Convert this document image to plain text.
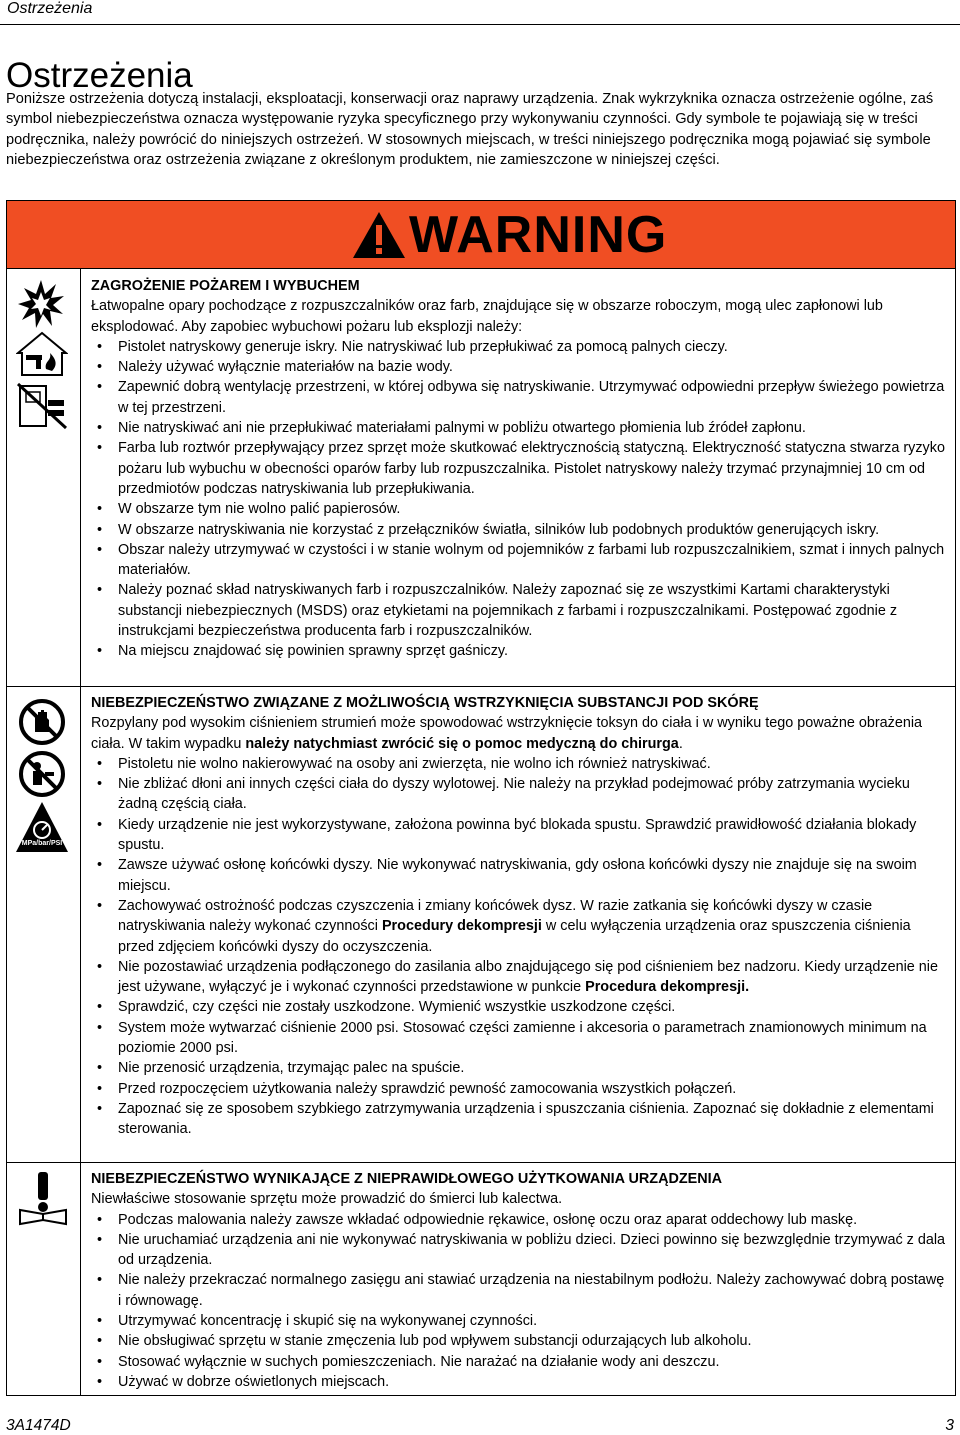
Ostrzeżenia
Ostrzeżenia
Poniższe ostrzeżenia dotyczą instalacji, eksploatacji, konserwacji oraz naprawy urządzenia. Znak wykrzyknika oznacza ostrzeżenie ogólne, zaś symbol niebezpieczeństwa oznacza występowanie ryzyka specyficznego przy wykonywaniu czynności. Gdy symbole te pojawiają się w treści podręcznika, należy powrócić do niniejszych ostrzeżeń. W stosownych miejscach, w treści niniejszego podręcznika mogą pojawiać się symbole niebezpieczeństwa oraz ostrzeżenia związane z określonym produktem, nie zamieszczone w niniejszej części.
WARNING
ZAGROŻENIE POŻAREM I WYBUCHEM
Łatwopalne opary pochodzące z rozpuszczalników oraz farb, znajdujące się w obszarze roboczym, mogą ulec zapłonowi lub eksplodować. Aby zapobiec wybuchowi pożaru lub eksplozji należy:
• Pistolet natryskowy generuje iskry. Nie natryskiwać lub przepłukiwać za pomocą palnych cieczy.
• Należy używać wyłącznie materiałów na bazie wody.
• Zapewnić dobrą wentylację przestrzeni, w której odbywa się natryskiwanie. Utrzymywać odpowiedni przepływ świeżego powietrza w tej przestrzeni.
• Nie natryskiwać ani nie przepłukiwać materiałami palnymi w pobliżu otwartego płomienia lub źródeł zapłonu.
• Farba lub roztwór przepływający przez sprzęt może skutkować elektrycznością statyczną. Elektryczność statyczna stwarza ryzyko pożaru lub wybuchu w obecności oparów farby lub rozpuszczalnika. Pistolet natryskowy należy trzymać przynajmniej 10 cm od przedmiotów podczas natryskiwania lub przepłukiwania.
• W obszarze tym nie wolno palić papierosów.
• W obszarze natryskiwania nie korzystać z przełączników światła, silników lub podobnych produktów generujących iskry.
• Obszar należy utrzymywać w czystości i w stanie wolnym od pojemników z farbami lub rozpuszczalnikiem, szmat i innych palnych materiałów.
• Należy poznać skład natryskiwanych farb i rozpuszczalników. Należy zapoznać się ze wszystkimi Kartami charakterystyki substancji niebezpiecznych (MSDS) oraz etykietami na pojemnikach z farbami i rozpuszczalnikami. Postępować zgodnie z instrukcjami bezpieczeństwa producenta farb i rozpuszczalników.
• Na miejscu znajdować się powinien sprawny sprzęt gaśniczy.
MPa/bar/PSI
NIEBEZPIECZEŃSTWO ZWIĄZANE Z MOŻLIWOŚCIĄ WSTRZYKNIĘCIA SUBSTANCJI POD SKÓRĘ
Rozpylany pod wysokim ciśnieniem strumień może spowodować wstrzyknięcie toksyn do ciała i w wyniku tego poważne obrażenia ciała. W takim wypadku należy natychmiast zwrócić się o pomoc medyczną do chirurga.
• Pistoletu nie wolno nakierowywać na osoby ani zwierzęta, nie wolno ich również natryskiwać.
• Nie zbliżać dłoni ani innych części ciała do dyszy wylotowej. Nie należy na przykład podejmować próby zatrzymania wycieku żadną częścią ciała.
• Kiedy urządzenie nie jest wykorzystywane, założona powinna być blokada spustu. Sprawdzić prawidłowość działania blokady spustu.
• Zawsze używać osłonę końcówki dyszy. Nie wykonywać natryskiwania, gdy osłona końcówki dyszy nie znajduje się na swoim miejscu.
• Zachowywać ostrożność podczas czyszczenia i zmiany końcówek dysz. W razie zatkania się końcówki dyszy w czasie natryskiwania należy wykonać czynności Procedury dekompresji w celu wyłączenia urządzenia oraz spuszczenia ciśnienia przed zdjęciem końcówki dyszy do oczyszczenia.
• Nie pozostawiać urządzenia podłączonego do zasilania albo znajdującego się pod ciśnieniem bez nadzoru. Kiedy urządzenie nie jest używane, wyłączyć je i wykonać czynności przedstawione w punkcie Procedura dekompresji.
• Sprawdzić, czy części nie zostały uszkodzone. Wymienić wszystkie uszkodzone części.
• System może wytwarzać ciśnienie 2000 psi. Stosować części zamienne i akcesoria o parametrach znamionowych minimum na poziomie 2000 psi.
• Nie przenosić urządzenia, trzymając palec na spuście.
• Przed rozpoczęciem użytkowania należy sprawdzić pewność zamocowania wszystkich połączeń.
• Zapoznać się ze sposobem szybkiego zatrzymywania urządzenia i spuszczania ciśnienia. Zapoznać się dokładnie z elementami sterowania.
NIEBEZPIECZEŃSTWO WYNIKAJĄCE Z NIEPRAWIDŁOWEGO UŻYTKOWANIA URZĄDZENIA
Niewłaściwe stosowanie sprzętu może prowadzić do śmierci lub kalectwa.
• Podczas malowania należy zawsze wkładać odpowiednie rękawice, osłonę oczu oraz aparat oddechowy lub maskę.
• Nie uruchamiać urządzenia ani nie wykonywać natryskiwania w pobliżu dzieci. Dzieci powinno się bezwzględnie trzymywać z dala od urządzenia.
• Nie należy przekraczać normalnego zasięgu ani stawiać urządzenia na niestabilnym podłożu. Należy zachowywać dobrą postawę i równowagę.
• Utrzymywać koncentrację i skupić się na wykonywanej czynności.
• Nie obsługiwać sprzętu w stanie zmęczenia lub pod wpływem substancji odurzających lub alkoholu.
• Stosować wyłącznie w suchych pomieszczeniach. Nie narażać na działanie wody ani deszczu.
• Używać w dobrze oświetlonych miejscach.
3A1474D	3
